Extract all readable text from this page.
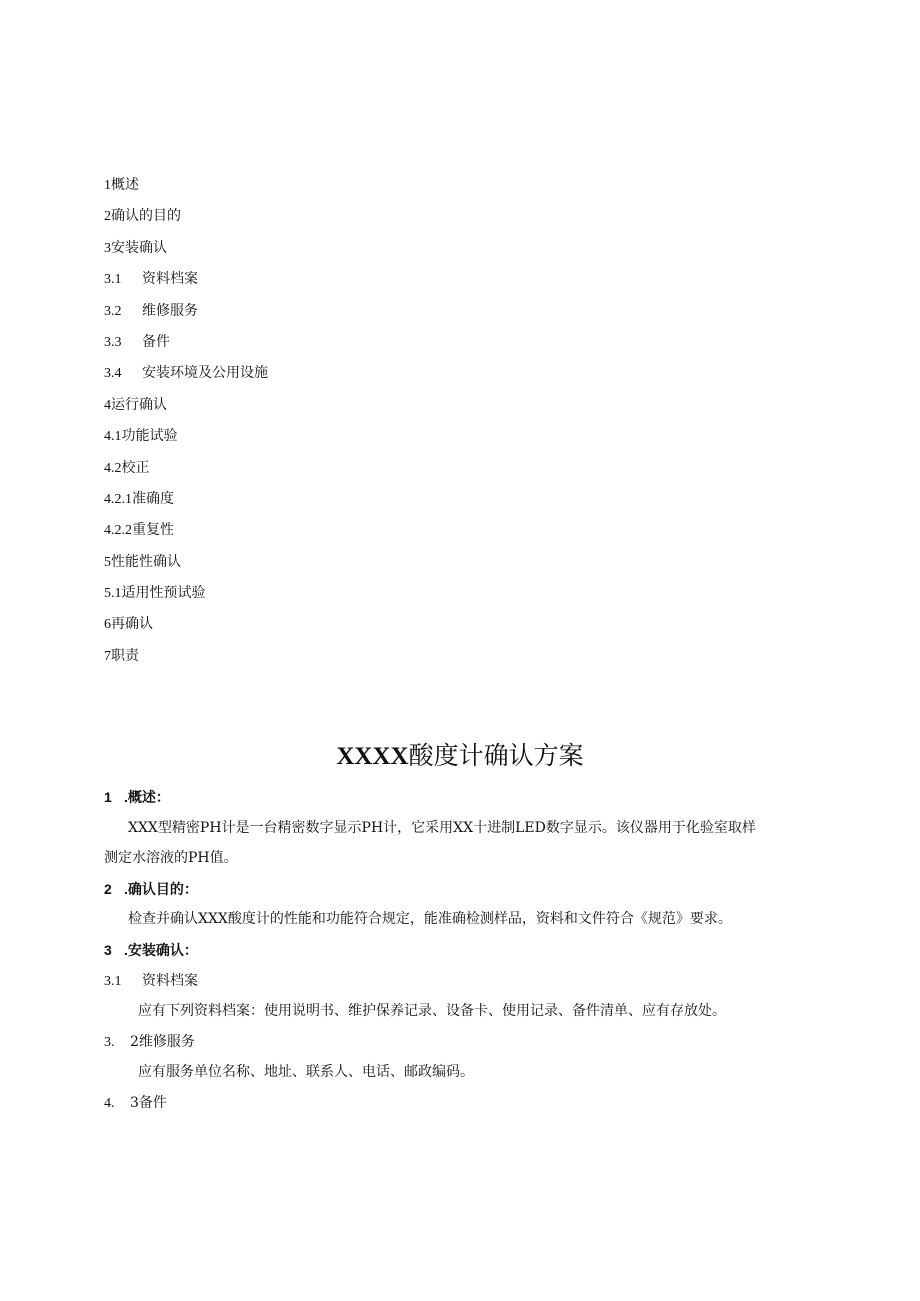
1概述
2确认的目的
3安装确认
3.1 资料档案
3.2 维修服务
3.3 备件
3.4 安装环境及公用设施
4运行确认
4.1功能试验
4.2校正
4.2.1准确度
4.2.2重复性
5性能性确认
5.1适用性预试验
6再确认
7职责
XXXX酸度计确认方案
1 .概述：
XXX型精密PH计是一台精密数字显示PH计，它采用XX十进制LED数字显示。该仪器用于化验室取样
测定水溶液的PH值。
2 .确认目的：
检查并确认XXX酸度计的性能和功能符合规定，能准确检测样品，资料和文件符合《规范》要求。
3 .安装确认：
3.1 资料档案
应有下列资料档案：使用说明书、维护保养记录、设备卡、使用记录、备件清单、应有存放处。
3. 2维修服务
应有服务单位名称、地址、联系人、电话、邮政编码。
4. 3备件
